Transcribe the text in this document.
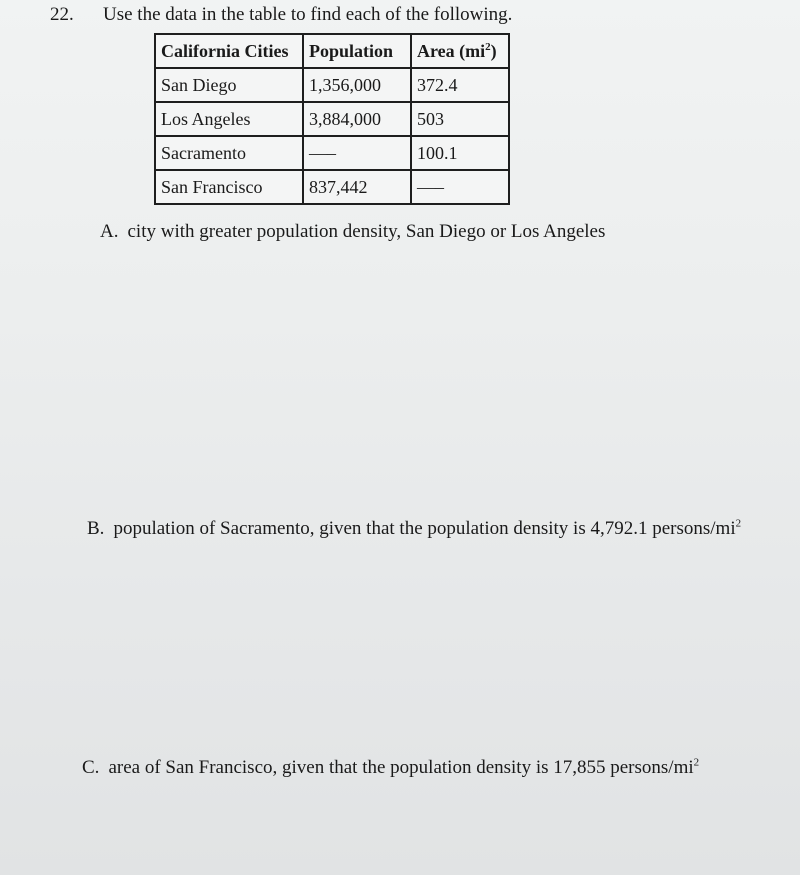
22. Use the data in the table to find each of the following.
California Cities	Population	Area $(mi^2)$
San Diego	1,356,000	372.4
Los Angeles	3,884,000	503
Sacramento	—–	100.1
San Francisco	837,442	—–
A. city with greater population density, San Diego or Los Angeles
B. population of Sacramento, given that the population density is 4,792.1 persons/$mi^2$
C. area of San Francisco, given that the population density is 17,855 persons/$mi^2$
